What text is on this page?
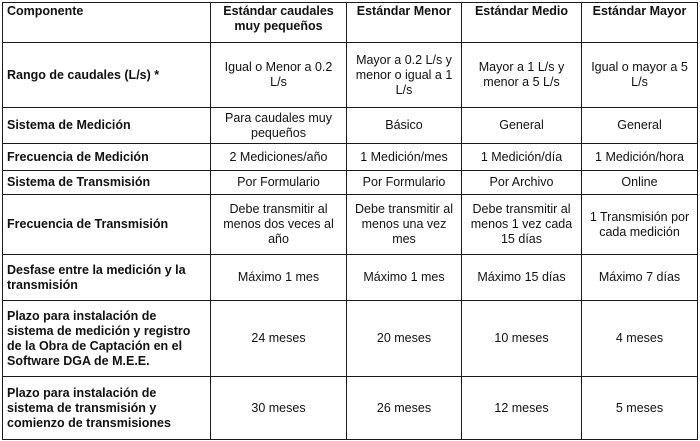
Componente	Estándar caudales muy pequeños	Estándar Menor	Estándar Medio	Estándar Mayor
Rango de caudales (L/s) *	Igual o Menor a 0.2 L/s	Mayor a 0.2 L/s y menor o igual a 1 L/s	Mayor a 1 L/s y menor a 5 L/s	Igual o mayor a 5 L/s
Sistema de Medición	Para caudales muy pequeños	Básico	General	General
Frecuencia de Medición	2 Mediciones/año	1 Medición/mes	1 Medición/día	1 Medición/hora
Sistema de Transmisión	Por Formulario	Por Formulario	Por Archivo	Online
Frecuencia de Transmisión	Debe transmitir al menos dos veces al año	Debe transmitir al menos una vez mes	Debe transmitir al menos 1 vez cada 15 días	1 Transmisión por cada medición
Desfase entre la medición y la transmisión	Máximo 1 mes	Máximo 1 mes	Máximo 15 días	Máximo 7 días
Plazo para instalación de sistema de medición y registro de la Obra de Captación en el Software DGA de M.E.E.	24 meses	20 meses	10 meses	4 meses
Plazo para instalación de sistema de transmisión y comienzo de transmisiones	30 meses	26 meses	12 meses	5 meses
